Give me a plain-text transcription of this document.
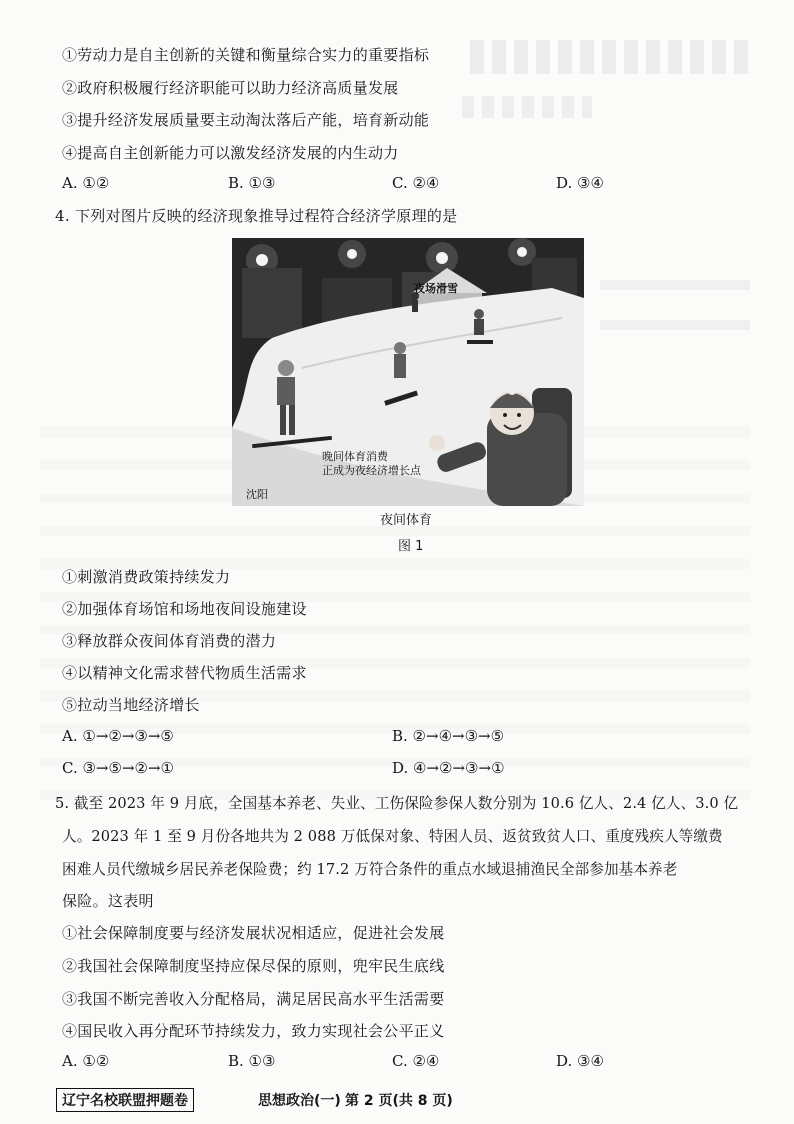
①劳动力是自主创新的关键和衡量综合实力的重要指标
②政府积极履行经济职能可以助力经济高质量发展
③提升经济发展质量要主动淘汰落后产能，培育新动能
④提高自主创新能力可以激发经济发展的内生动力
A. ①②	B. ①③	C. ②④	D. ③④
4. 下列对图片反映的经济现象推导过程符合经济学原理的是
夜场滑雪
晚间体育消费
正成为夜经济增长点
沈阳
夜间体育
图 1
①刺激消费政策持续发力
②加强体育场馆和场地夜间设施建设
③释放群众夜间体育消费的潜力
④以精神文化需求替代物质生活需求
⑤拉动当地经济增长
A. ①→②→③→⑤	B. ②→④→③→⑤
C. ③→⑤→②→①	D. ④→②→③→①
5. 截至 2023 年 9 月底，全国基本养老、失业、工伤保险参保人数分别为 10.6 亿人、2.4 亿人、3.0 亿
人。2023 年 1 至 9 月份各地共为 2 088 万低保对象、特困人员、返贫致贫人口、重度残疾人等缴费
困难人员代缴城乡居民养老保险费；约 17.2 万符合条件的重点水域退捕渔民全部参加基本养老
保险。这表明
①社会保障制度要与经济发展状况相适应，促进社会发展
②我国社会保障制度坚持应保尽保的原则，兜牢民生底线
③我国不断完善收入分配格局，满足居民高水平生活需要
④国民收入再分配环节持续发力，致力实现社会公平正义
A. ①②	B. ①③	C. ②④	D. ③④
辽宁名校联盟押题卷	思想政治(一) 第 2 页(共 8 页)
